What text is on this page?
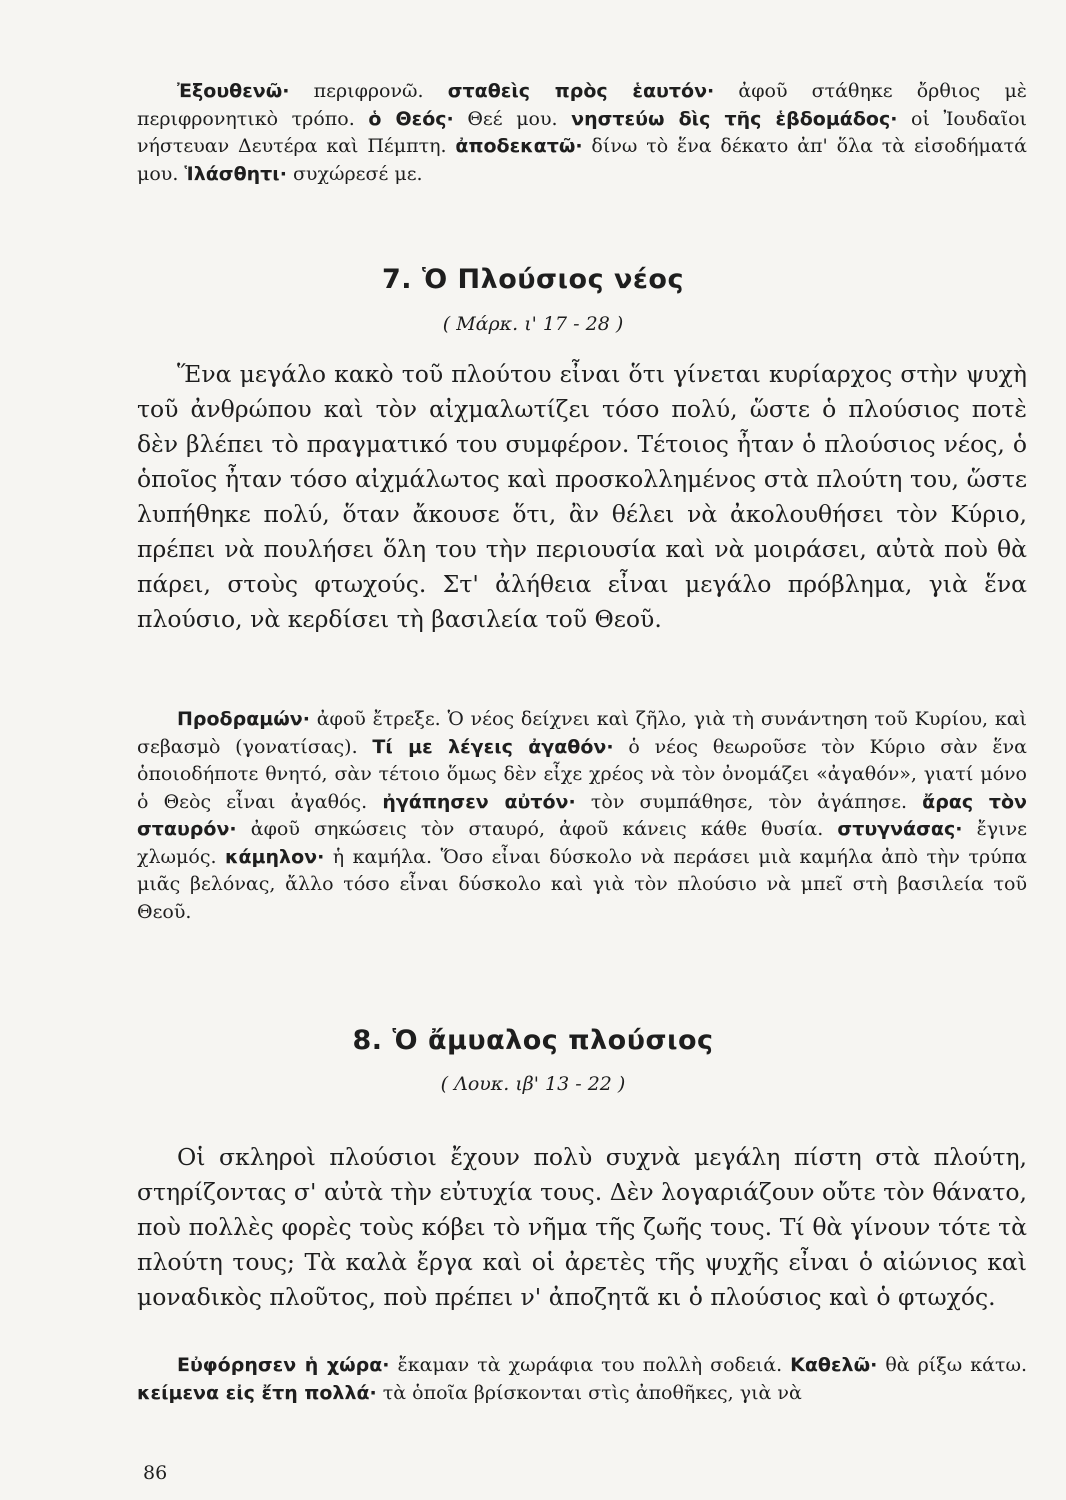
Ἐξουθενῶ· περιφρονῶ. σταθεὶς πρὸς ἑαυτόν· ἀφοῦ στάθηκε ὄρθιος μὲ περιφρονητικὸ τρόπο. ὁ Θεός· Θεέ μου. νηστεύω δὶς τῆς ἑβδομάδος· οἱ Ἰουδαῖοι νήστευαν Δευτέρα καὶ Πέμπτη. ἀποδεκατῶ· δίνω τὸ ἕνα δέκατο ἀπ' ὅλα τὰ εἰσοδήματά μου. Ἱλάσθητι· συχώρεσέ με.

7. Ὁ Πλούσιος νέος
( Μάρκ. ι' 17 - 28 )

Ἕνα μεγάλο κακὸ τοῦ πλούτου εἶναι ὅτι γίνεται κυρίαρχος στὴν ψυχὴ τοῦ ἀνθρώπου καὶ τὸν αἰχμαλωτίζει τόσο πολύ, ὥστε ὁ πλούσιος ποτὲ δὲν βλέπει τὸ πραγματικό του συμφέρον. Τέτοιος ἦταν ὁ πλούσιος νέος, ὁ ὁποῖος ἦταν τόσο αἰχμάλωτος καὶ προσκολλημένος στὰ πλούτη του, ὥστε λυπήθηκε πολύ, ὅταν ἄκουσε ὅτι, ἂν θέλει νὰ ἀκολουθήσει τὸν Κύριο, πρέπει νὰ πουλήσει ὅλη του τὴν περιουσία καὶ νὰ μοιράσει, αὐτὰ ποὺ θὰ πάρει, στοὺς φτωχούς. Στ' ἀλήθεια εἶναι μεγάλο πρόβλημα, γιὰ ἕνα πλούσιο, νὰ κερδίσει τὴ βασιλεία τοῦ Θεοῦ.

Προδραμών· ἀφοῦ ἔτρεξε. Ὁ νέος δείχνει καὶ ζῆλο, γιὰ τὴ συνάντηση τοῦ Κυρίου, καὶ σεβασμὸ (γονατίσας). Τί με λέγεις ἀγαθόν· ὁ νέος θεωροῦσε τὸν Κύριο σὰν ἕνα ὁποιοδήποτε θνητό, σὰν τέτοιο ὅμως δὲν εἶχε χρέος νὰ τὸν ὀνομάζει «ἀγαθόν», γιατί μόνο ὁ Θεὸς εἶναι ἀγαθός. ἠγάπησεν αὐτόν· τὸν συμπάθησε, τὸν ἀγάπησε. ἄρας τὸν σταυρόν· ἀφοῦ σηκώσεις τὸν σταυρό, ἀφοῦ κάνεις κάθε θυσία. στυγνάσας· ἔγινε χλωμός. κάμηλον· ἡ καμήλα. Ὅσο εἶναι δύσκολο νὰ περάσει μιὰ καμήλα ἀπὸ τὴν τρύπα μιᾶς βελόνας, ἄλλο τόσο εἶναι δύσκολο καὶ γιὰ τὸν πλούσιο νὰ μπεῖ στὴ βασιλεία τοῦ Θεοῦ.

8. Ὁ ἄμυαλος πλούσιος
( Λουκ. ιβ' 13 - 22 )

Οἱ σκληροὶ πλούσιοι ἔχουν πολὺ συχνὰ μεγάλη πίστη στὰ πλούτη, στηρίζοντας σ' αὐτὰ τὴν εὐτυχία τους. Δὲν λογαριάζουν οὔτε τὸν θάνατο, ποὺ πολλὲς φορὲς τοὺς κόβει τὸ νῆμα τῆς ζωῆς τους. Τί θὰ γίνουν τότε τὰ πλούτη τους; Τὰ καλὰ ἔργα καὶ οἱ ἀρετὲς τῆς ψυχῆς εἶναι ὁ αἰώνιος καὶ μοναδικὸς πλοῦτος, ποὺ πρέπει ν' ἀποζητᾶ κι ὁ πλούσιος καὶ ὁ φτωχός.

Εὐφόρησεν ἡ χώρα· ἔκαμαν τὰ χωράφια του πολλὴ σοδειά. Καθελῶ· θὰ ρίξω κάτω. κείμενα εἰς ἔτη πολλά· τὰ ὁποῖα βρίσκονται στὶς ἀποθῆκες, γιὰ νὰ

86
